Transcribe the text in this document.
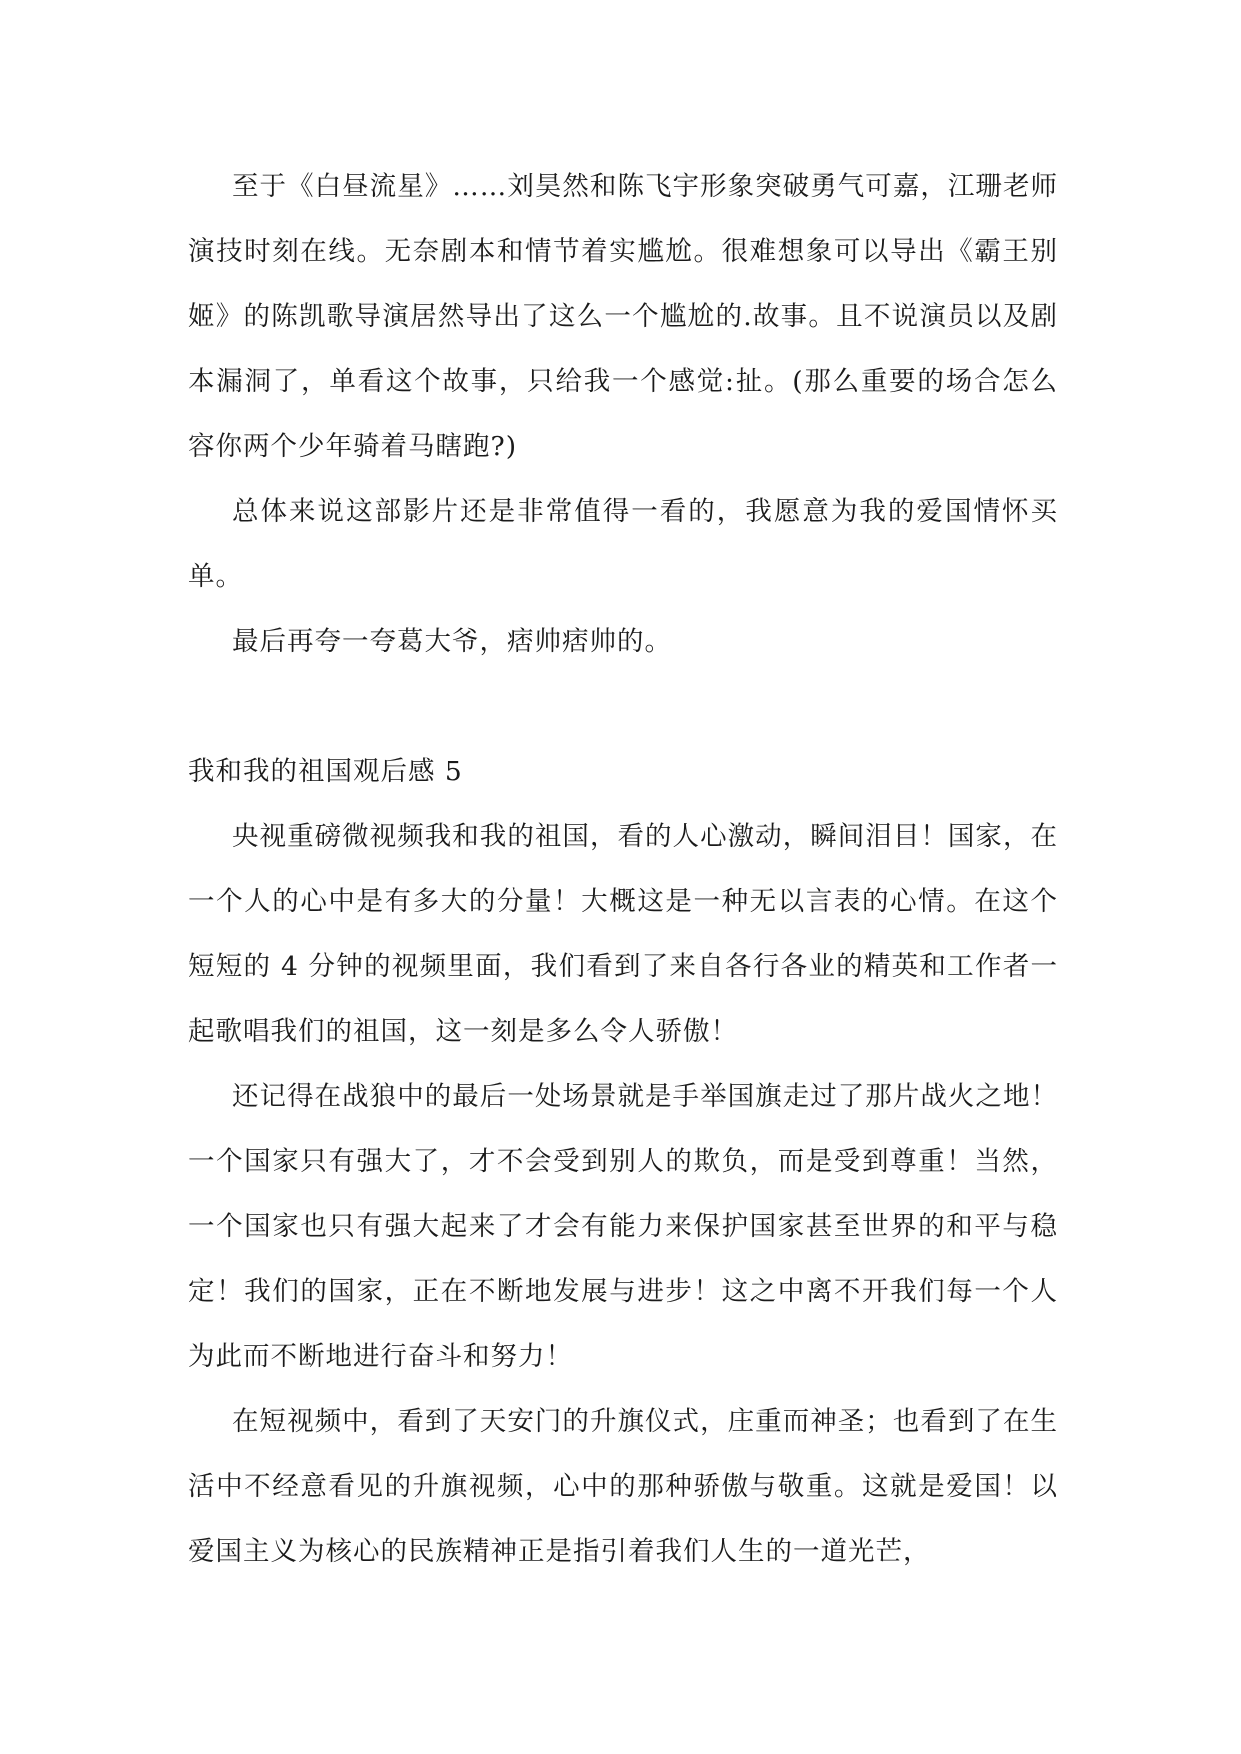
至于《白昼流星》……刘昊然和陈飞宇形象突破勇气可嘉，江珊老师演技时刻在线。无奈剧本和情节着实尴尬。很难想象可以导出《霸王别姬》的陈凯歌导演居然导出了这么一个尴尬的.故事。且不说演员以及剧本漏洞了，单看这个故事，只给我一个感觉:扯。(那么重要的场合怎么容你两个少年骑着马瞎跑?)

总体来说这部影片还是非常值得一看的，我愿意为我的爱国情怀买单。

最后再夸一夸葛大爷，痞帅痞帅的。

我和我的祖国观后感 5

央视重磅微视频我和我的祖国，看的人心激动，瞬间泪目！国家，在一个人的心中是有多大的分量！大概这是一种无以言表的心情。在这个短短的 4 分钟的视频里面，我们看到了来自各行各业的精英和工作者一起歌唱我们的祖国，这一刻是多么令人骄傲！

还记得在战狼中的最后一处场景就是手举国旗走过了那片战火之地！一个国家只有强大了，才不会受到别人的欺负，而是受到尊重！当然，一个国家也只有强大起来了才会有能力来保护国家甚至世界的和平与稳定！我们的国家，正在不断地发展与进步！这之中离不开我们每一个人为此而不断地进行奋斗和努力！

在短视频中，看到了天安门的升旗仪式，庄重而神圣；也看到了在生活中不经意看见的升旗视频，心中的那种骄傲与敬重。这就是爱国！以爱国主义为核心的民族精神正是指引着我们人生的一道光芒，
